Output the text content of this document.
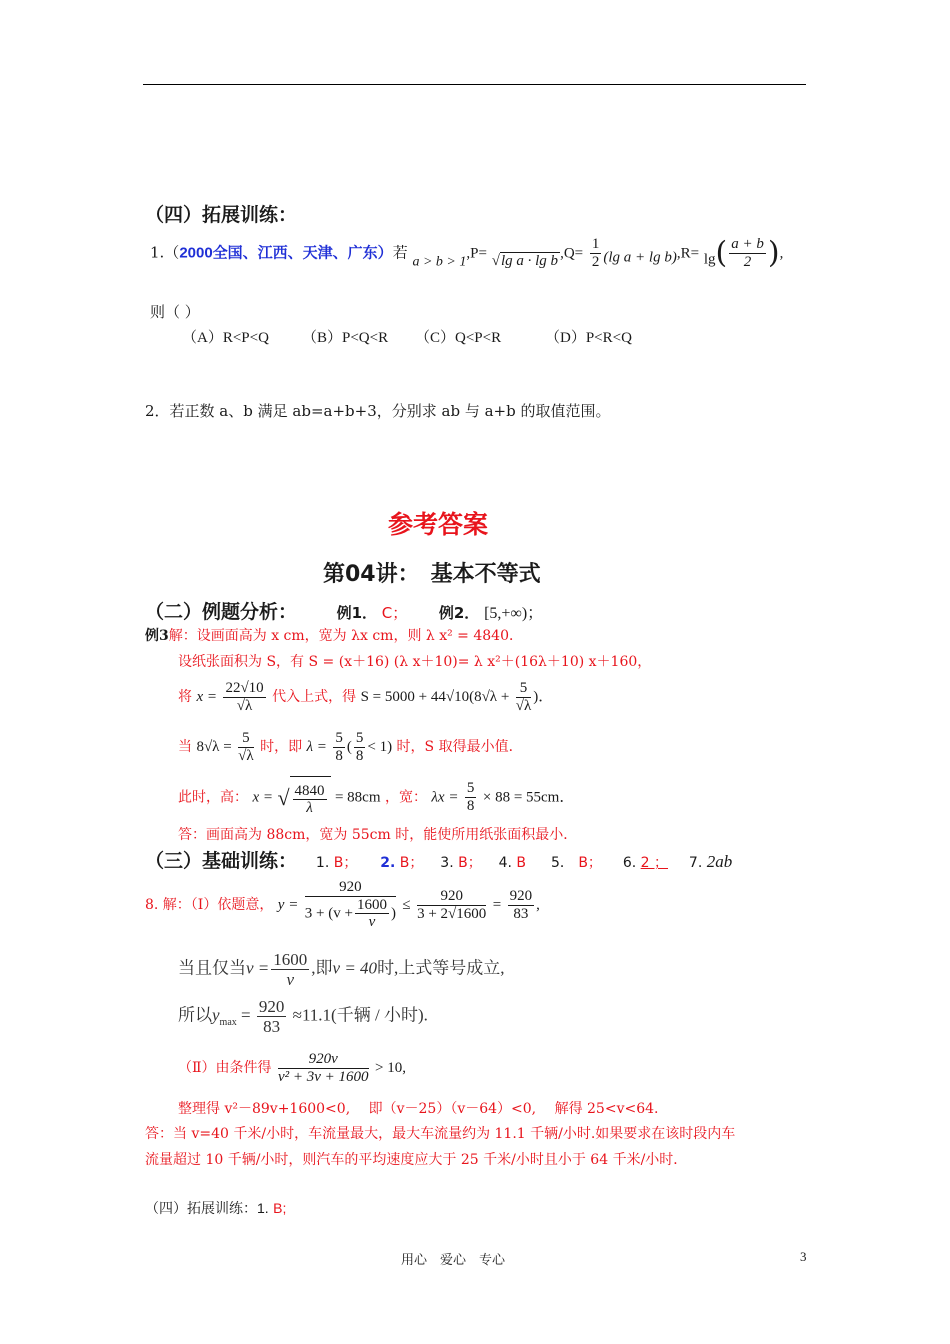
（四）拓展训练：
1.（2000全国、江西、天津、广东）若 a > b > 1,P= √lg a · lg b $,Q= \frac{1}{2} (\lg$ $a + \lg b),R= \lg( \frac{a + b}{2}$ ),
则（ ）
（A）R<P<Q （B）P<Q<R （C）Q<P<R	（D）P<R<Q
2．若正数 a、b 满足 ab=a+b+3，分别求 ab 与 a+b 的取值范围。
参考答案
第04讲：　基本不等式
（二）例题分析：	例1． C； 例2． [5,+∞)；
例3解：设画面高为 x cm，宽为 λx cm，则 λ x² = 4840．
设纸张面积为 S，有 S = (x＋16) (λ x＋10)= λ x²＋(16λ＋10) x＋160，
将 $x = \frac{22√10}{√\lambda}$ 代入上式，得 $S = 5000 + 44√10(8√\lambda + \frac{5}{√\lambda}$ )．
当 $8√\lambda = \frac{5}{√\lambda}$ 时，即 $\lambda = \frac{5}{8}$ ( $\frac{5}{8} < 1$) 时，S 取得最小值．
此时，高： x = √ $\frac{4840}{\lambda} = 88cm$ ，宽： $\lambda x = \frac{5}{8} \times 88 = 55cm$．
答：画面高为 88cm，宽为 55cm 时，能使所用纸张面积最小．
（三）基础训练： 1. B； 2. B； 3. B； 4. B 5． B； 6. 2 ； 7. 2ab
8. 解：（Ⅰ）依题意， $y = \frac{920}{3 + (v + \frac{1600}{v} )} \le \frac{920}{3 + 2√1600} = \frac{920}{83}$ ,
当且仅当$v = \frac{1600}{v}$ ,即v = 40时,上式等号成立,
所以$y_{max} = \frac{920}{83} \approx 11.1$(千辆 / 小时).
（Ⅱ）由条件得 $\frac{920v}{\text{v² + 3v + 1600}} > 10$,
整理得 v²－89v+1600<0,　 即（v－25）（v－64）<0,　 解得 25<v<64.
答：当 v=40 千米/小时，车流量最大，最大车流量约为 11.1 千辆/小时.如果要求在该时段内车
流量超过 10 千辆/小时，则汽车的平均速度应大于 25 千米/小时且小于 64 千米/小时．
（四）拓展训练：1. B;
用心　爱心　专心	3
